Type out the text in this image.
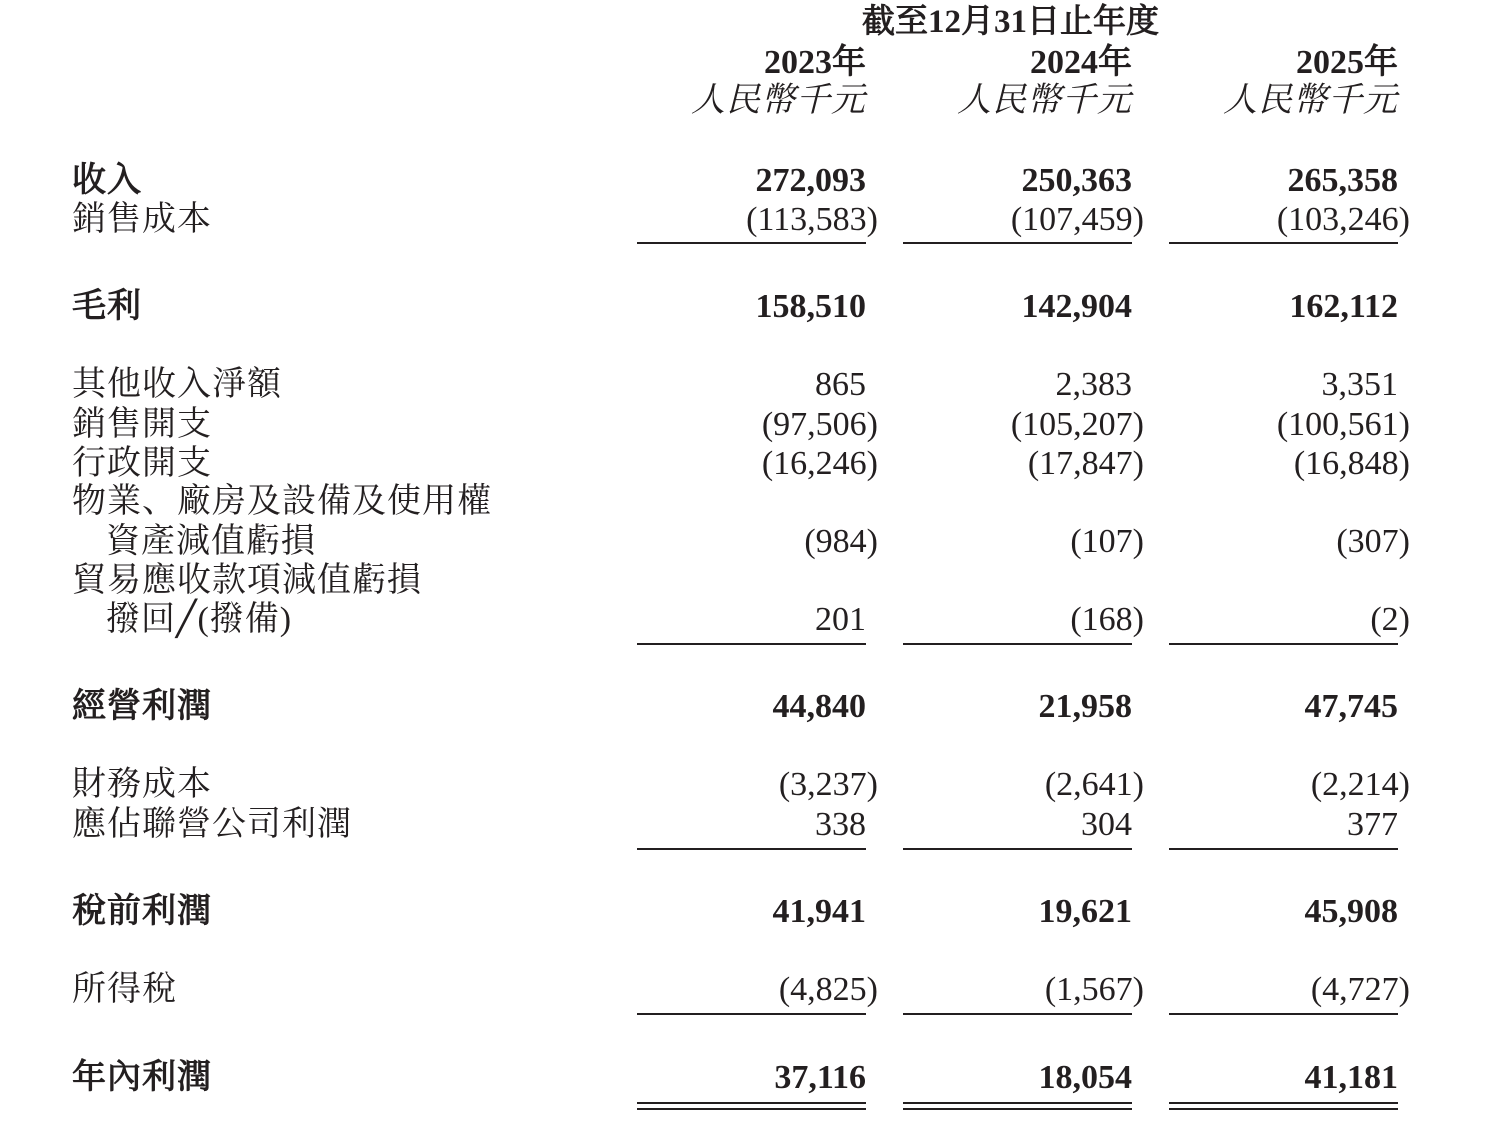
截至12月31日止年度
2023年	2024年	2025年
人民幣千元	人民幣千元	人民幣千元
收入	272,093	250,363	265,358
銷售成本	(113,583)	(107,459)	(103,246)
毛利	158,510	142,904	162,112
其他收入淨額	865	2,383	3,351
銷售開支	(97,506)	(105,207)	(100,561)
行政開支	(16,246)	(17,847)	(16,848)
物業、廠房及設備及使用權
資產減值虧損	(984)	(107)	(307)
貿易應收款項減值虧損
撥回╱(撥備)	201	(168)	(2)
經營利潤	44,840	21,958	47,745
財務成本	(3,237)	(2,641)	(2,214)
應佔聯營公司利潤	338	304	377
稅前利潤	41,941	19,621	45,908
所得稅	(4,825)	(1,567)	(4,727)
年內利潤	37,116	18,054	41,181
